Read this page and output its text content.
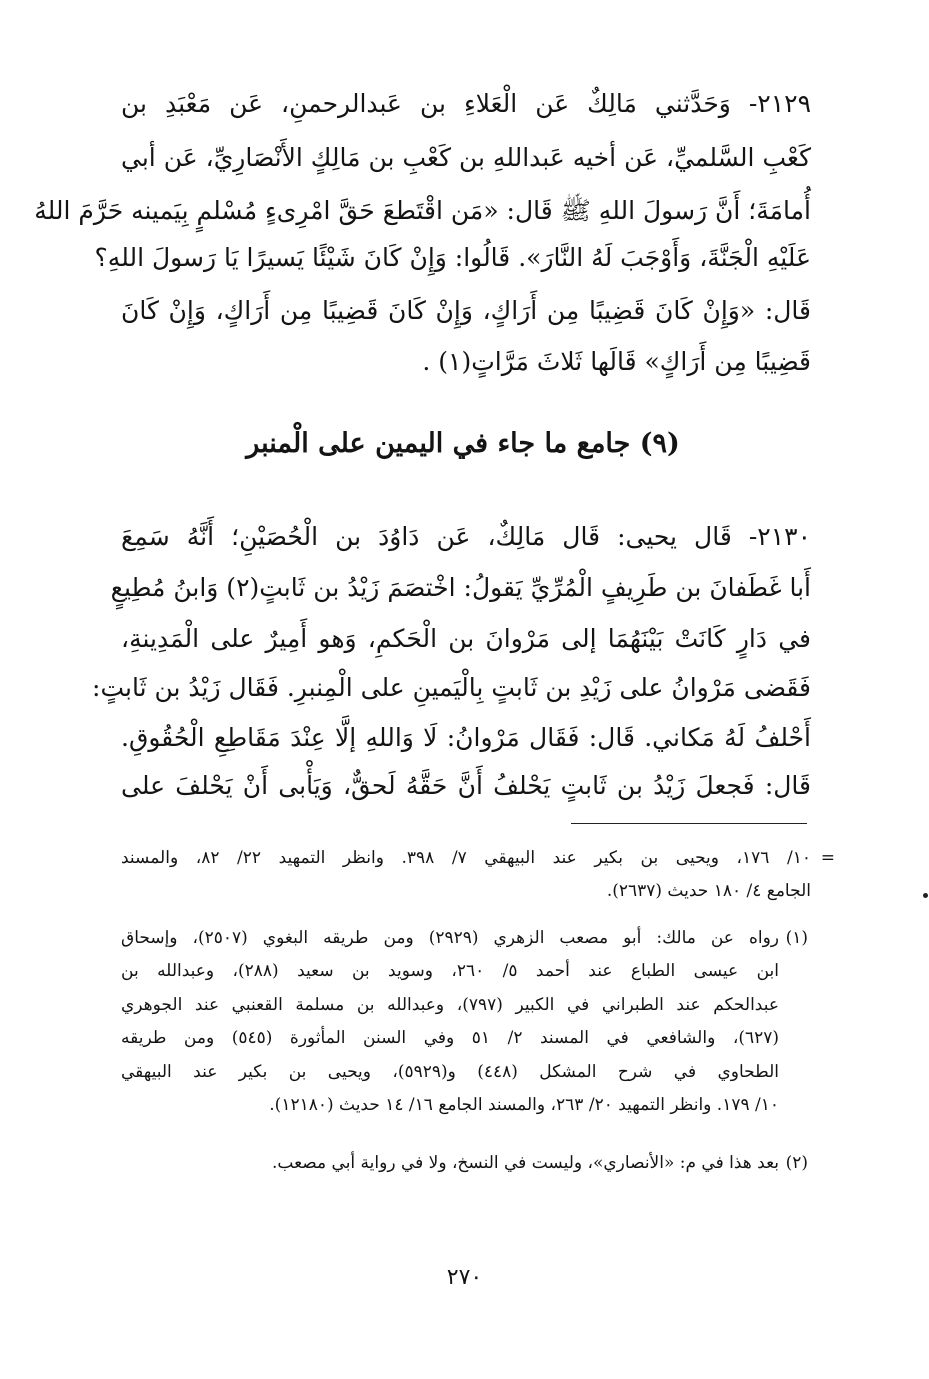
٢١٢٩- وَحَدَّثني مَالِكٌ عَن الْعَلاءِ بن عَبدالرحمنِ، عَن مَعْبَدِ بن
كَعْبِ السَّلميِّ، عَن أخيه عَبداللهِ بن كَعْبِ بن مَالِكٍ الأَنْصَارِيِّ، عَن أبي
أُمامَةَ؛ أَنَّ رَسولَ اللهِ ﷺ قَال: «مَن اقْتَطعَ حَقَّ امْرِىءٍ مُسْلمٍ بِيَمينه حَرَّمَ اللهُ
عَلَيْهِ الْجَنَّةَ، وَأَوْجَبَ لَهُ النَّارَ». قَالُوا: وَإِنْ كَانَ شَيْئًا يَسيرًا يَا رَسولَ اللهِ؟
قَال: «وَإِنْ كَانَ قَضِيبًا مِن أَرَاكٍ، وَإِنْ كَانَ قَضِيبًا مِن أَرَاكٍ، وَإِنْ كَانَ
قَضِيبًا مِن أَرَاكٍ» قَالَها ثَلاثَ مَرَّاتٍ(١) .
(٩) جامع ما جاء في اليمين على الْمنبر
٢١٣٠- قَال يحيى: قَال مَالِكٌ، عَن دَاوُدَ بن الْحُصَيْنِ؛ أَنَّهُ سَمِعَ
أَبا غَطَفانَ بن طَرِيفٍ الْمُرِّيِّ يَقولُ: اخْتصَمَ زَيْدُ بن ثَابتٍ(٢) وَابنُ مُطِيعٍ
في دَارٍ كَانَتْ بَيْنَهُمَا إلى مَرْوانَ بن الْحَكمِ، وَهو أَمِيرٌ على الْمَدِينةِ،
فَقَضى مَرْوانُ على زَيْدِ بن ثَابتٍ بِالْيَمينِ على الْمِنبرِ. فَقَال زَيْدُ بن ثَابتٍ:
أَحْلفُ لَهُ مَكاني. قَال: فَقَال مَرْوانُ: لَا وَاللهِ إلَّا عِنْدَ مَقَاطِعِ الْحُقُوقِ.
قَال: فَجعلَ زَيْدُ بن ثَابتٍ يَحْلفُ أَنَّ حَقَّهُ لَحقٌّ، وَيَأْبى أَنْ يَحْلفَ على
=
١٠/ ١٧٦، ويحيى بن بكير عند البيهقي ٧/ ٣٩٨. وانظر التمهيد ٢٢/ ٨٢، والمسند
الجامع ٤/ ١٨٠ حديث (٢٦٣٧).
(١)
رواه عن مالك: أبو مصعب الزهري (٢٩٢٩) ومن طريقه البغوي (٢٥٠٧)، وإسحاق
ابن عيسى الطباع عند أحمد ٥/ ٢٦٠، وسويد بن سعيد (٢٨٨)، وعبدالله بن
عبدالحكم عند الطبراني في الكبير (٧٩٧)، وعبدالله بن مسلمة القعنبي عند الجوهري
(٦٢٧)، والشافعي في المسند ٢/ ٥١ وفي السنن المأثورة (٥٤٥) ومن طريقه
الطحاوي في شرح المشكل (٤٤٨) و(٥٩٢٩)، ويحيى بن بكير عند البيهقي
١٠/ ١٧٩. وانظر التمهيد ٢٠/ ٢٦٣، والمسند الجامع ١٦/ ١٤ حديث (١٢١٨٠).
(٢)
بعد هذا في م: «الأنصاري»، وليست في النسخ، ولا في رواية أبي مصعب.
٢٧٠
